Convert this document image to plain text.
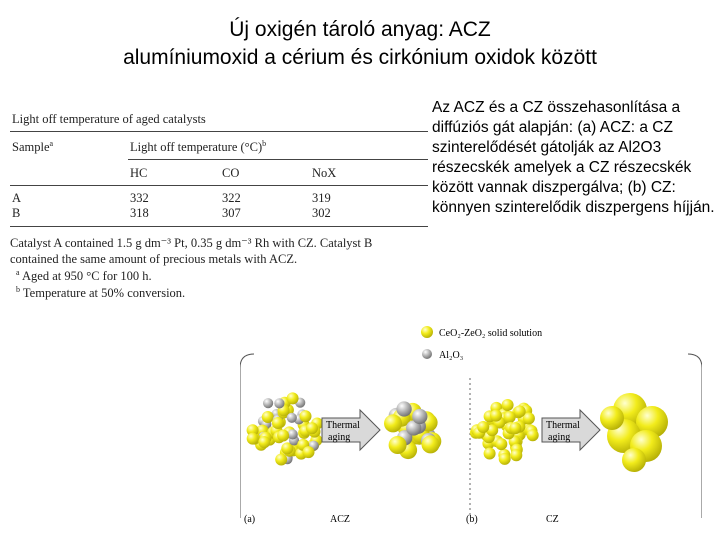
Új oxigén tároló anyag: ACZ
alumíniumoxid a cérium és cirkónium oxidok között
Light off temperature of aged catalysts
Sample$^a$	Light off temperature $(^\circ C)^b$
HC	CO	NoX
A	332	322	319
B	318	307	302
Catalyst A contained 1.5 g dm⁻³ Pt, 0.35 g dm⁻³ Rh with CZ. Catalyst B
contained the same amount of precious metals with ACZ.
$^a$ Aged at 950 °C for 100 h.
$^b$ Temperature at 50% conversion.
Az ACZ és a CZ összehasonlítása a diffúziós gát alapján: (a) ACZ: a CZ szinterelődését gátolják az Al2O3 részecskék amelyek a CZ részecskék között vannak diszpergálva; (b) CZ: könnyen szinterelődik diszpergens híjján.
CeO₂-ZeO₂ solid solution
Al₂O₃
Thermal
aging
Thermal
aging
(a)	ACZ	(b)	CZ
